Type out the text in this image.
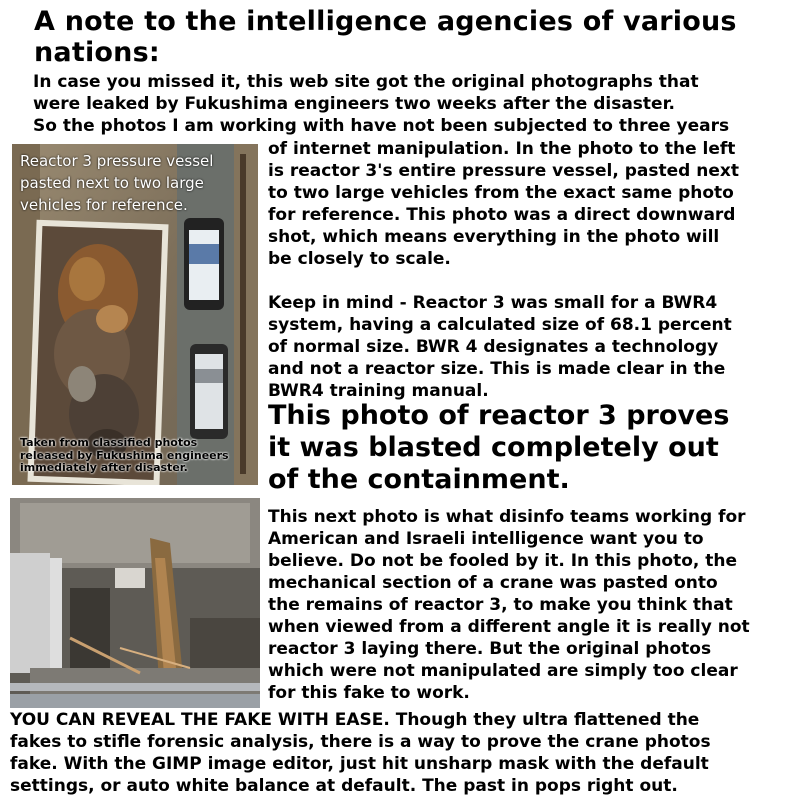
A note to the intelligence agencies of various nations:
In case you missed it, this web site got the original photographs that
were leaked by Fukushima engineers two weeks after the disaster.
So the photos I am working with have not been subjected to three years
Reactor 3 pressure vessel
pasted next to two large
vehicles for reference.
Taken from classified photos
released by Fukushima engineers
immediately after disaster.
of internet manipulation. In the photo to the left
is reactor 3's entire pressure vessel, pasted next
to two large vehicles from the exact same photo
for reference. This photo was a direct downward
shot, which means everything in the photo will
be closely to scale.
Keep in mind - Reactor 3 was small for a BWR4
system, having a calculated size of 68.1 percent
of normal size. BWR 4 designates a technology
and not a reactor size. This is made clear in the
BWR4 training manual.
This photo of reactor 3 proves
it was blasted completely out
of the containment.
This next photo is what disinfo teams working for
American and Israeli intelligence want you to
believe. Do not be fooled by it. In this photo, the
mechanical section of a crane was pasted onto
the remains of reactor 3, to make you think that
when viewed from a different angle it is really not
reactor 3 laying there. But the original photos
which were not manipulated are simply too clear
for this fake to work.
YOU CAN REVEAL THE FAKE WITH EASE. Though they ultra flattened the
fakes to stifle forensic analysis, there is a way to prove the crane photos
fake. With the GIMP image editor, just hit unsharp mask with the default
settings, or auto white balance at default. The past in pops right out.
